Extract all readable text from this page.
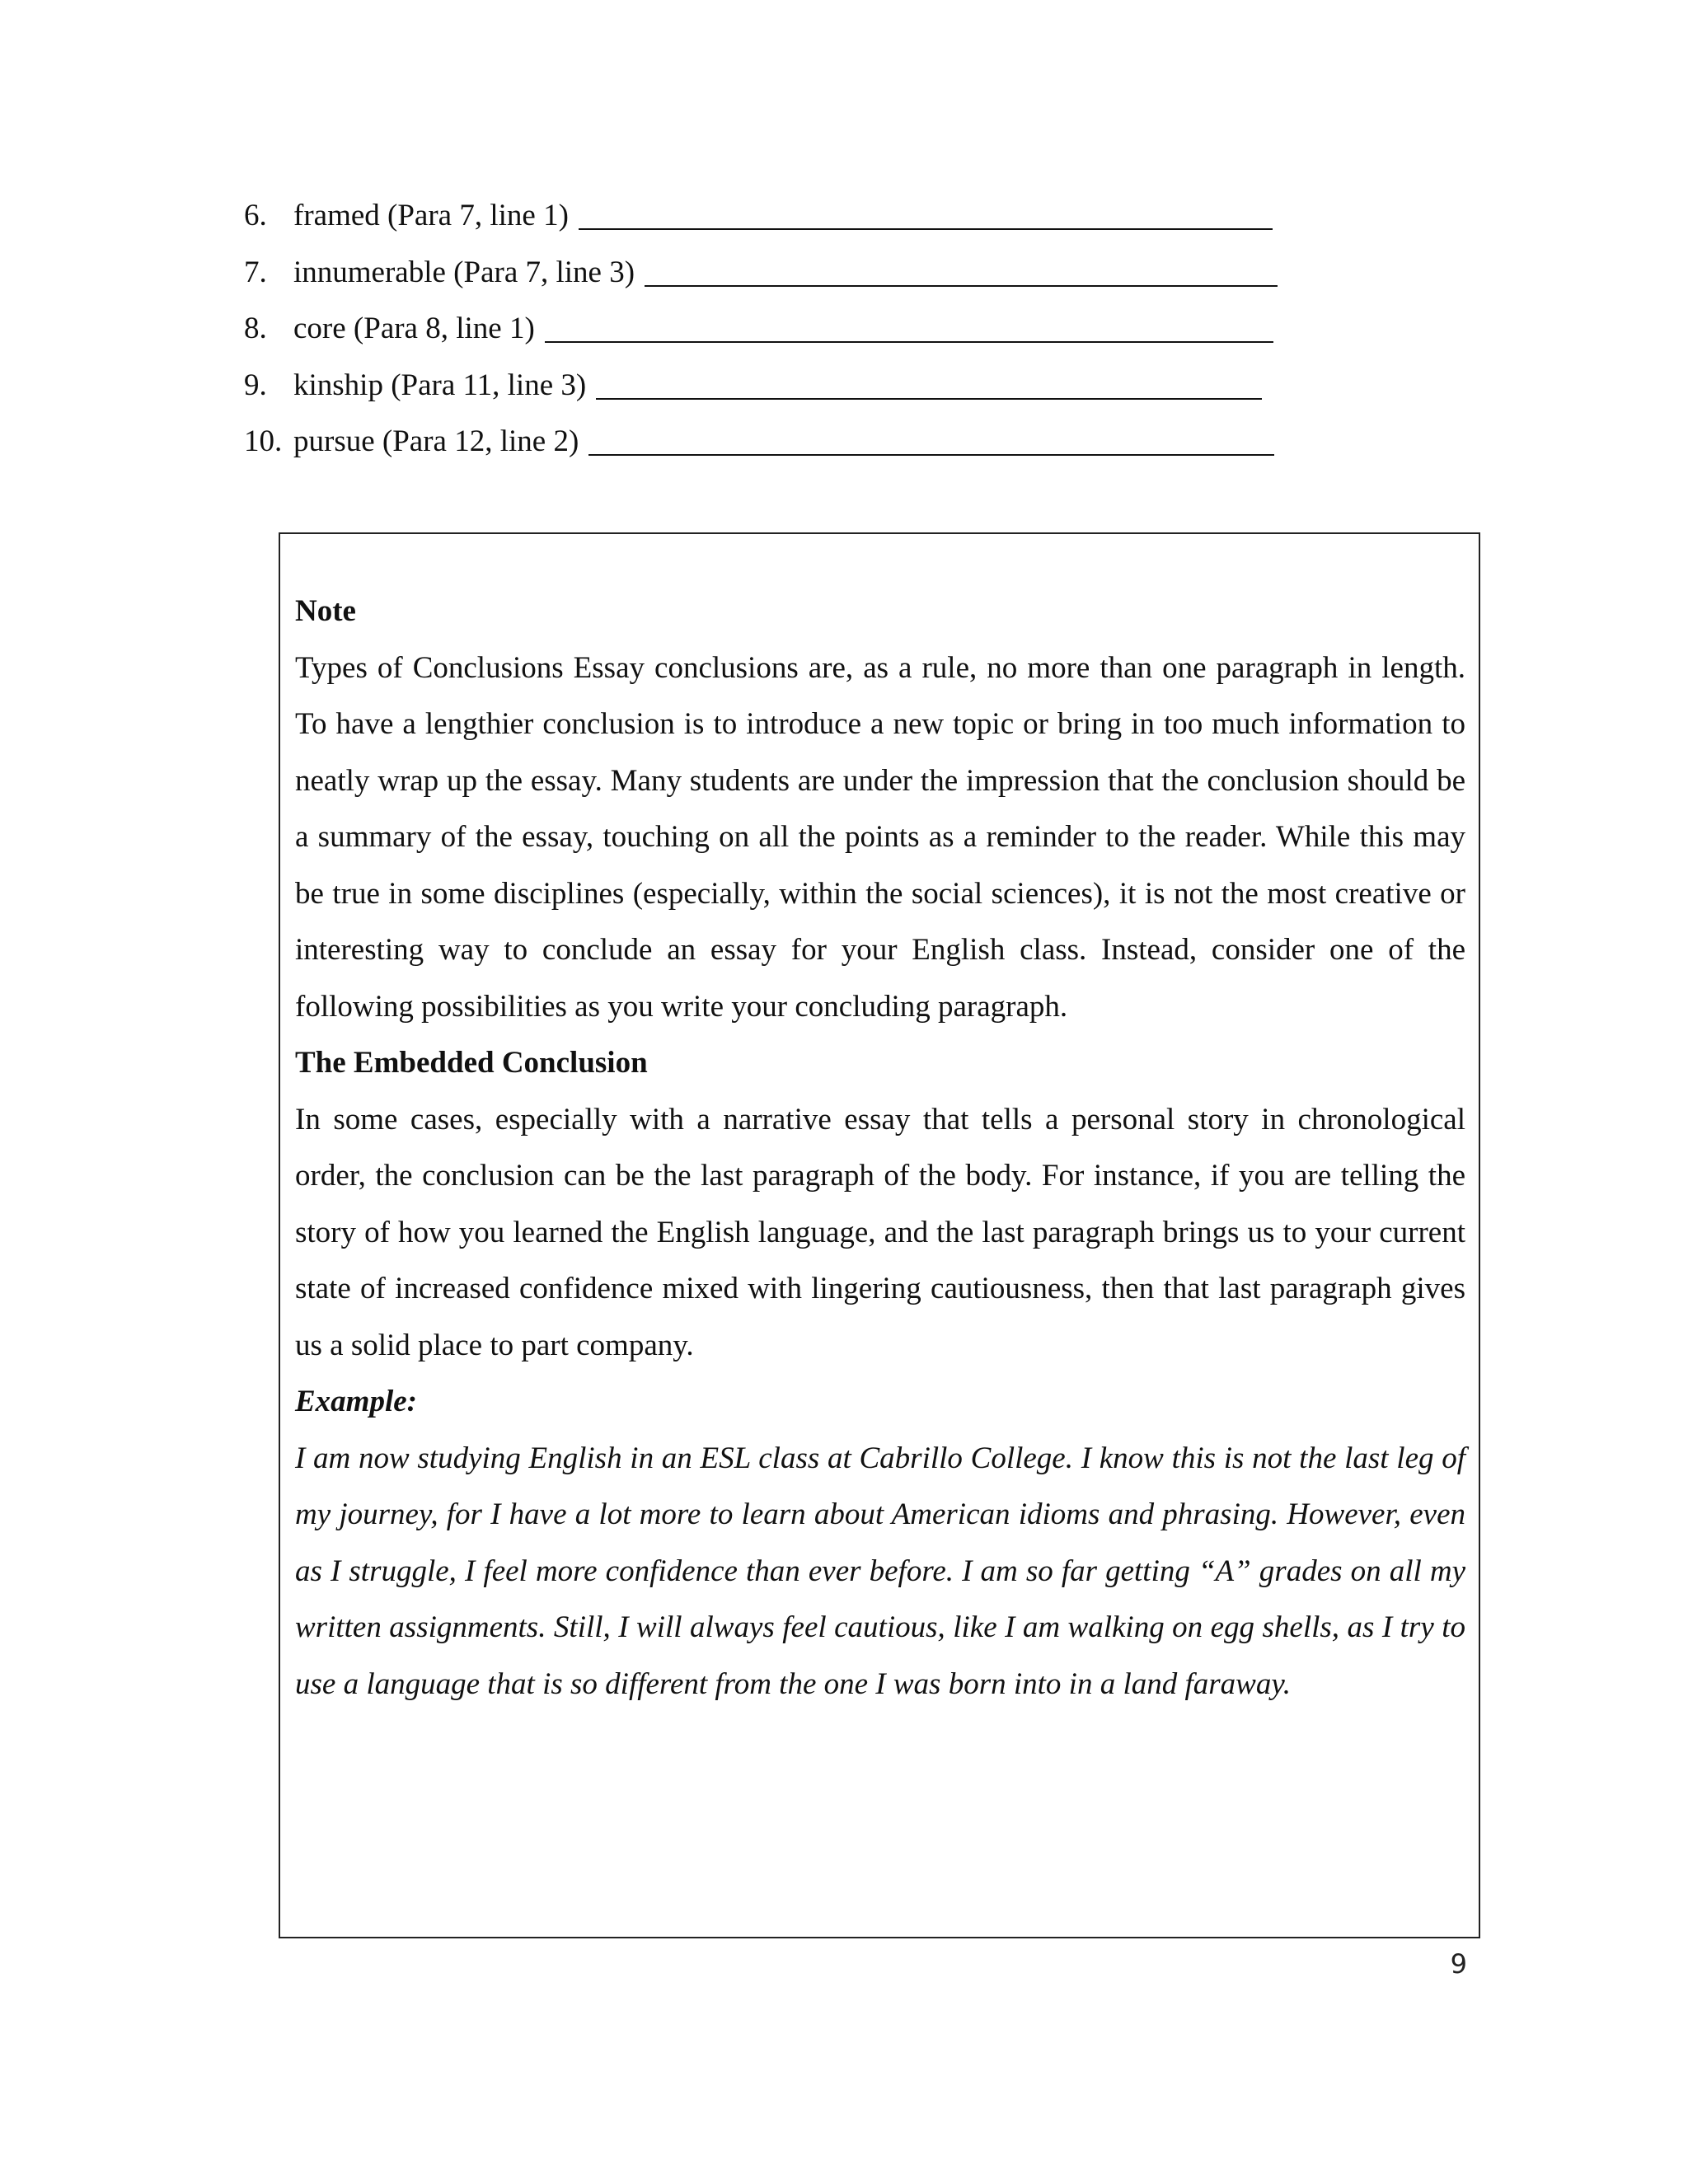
6. framed (Para 7, line 1)
7. innumerable (Para 7, line 3)
8. core (Para 8, line 1)
9. kinship (Para 11, line 3)
10. pursue (Para 12, line 2)

Note

Types of Conclusions Essay conclusions are, as a rule, no more than one paragraph in length. To have a lengthier conclusion is to introduce a new topic or bring in too much information to neatly wrap up the essay. Many students are under the impression that the conclusion should be a summary of the essay, touching on all the points as a reminder to the reader. While this may be true in some disciplines (especially, within the social sciences), it is not the most creative or interesting way to conclude an essay for your English class. Instead, consider one of the following possibilities as you write your concluding paragraph.

The Embedded Conclusion

In some cases, especially with a narrative essay that tells a personal story in chronological order, the conclusion can be the last paragraph of the body. For instance, if you are telling the story of how you learned the English language, and the last paragraph brings us to your current state of increased confidence mixed with lingering cautiousness, then that last paragraph gives us a solid place to part company.

Example:

I am now studying English in an ESL class at Cabrillo College. I know this is not the last leg of my journey, for I have a lot more to learn about American idioms and phrasing. However, even as I struggle, I feel more confidence than ever before. I am so far getting “A” grades on all my written assignments. Still, I will always feel cautious, like I am walking on egg shells, as I try to use a language that is so different from the one I was born into in a land faraway.

9
